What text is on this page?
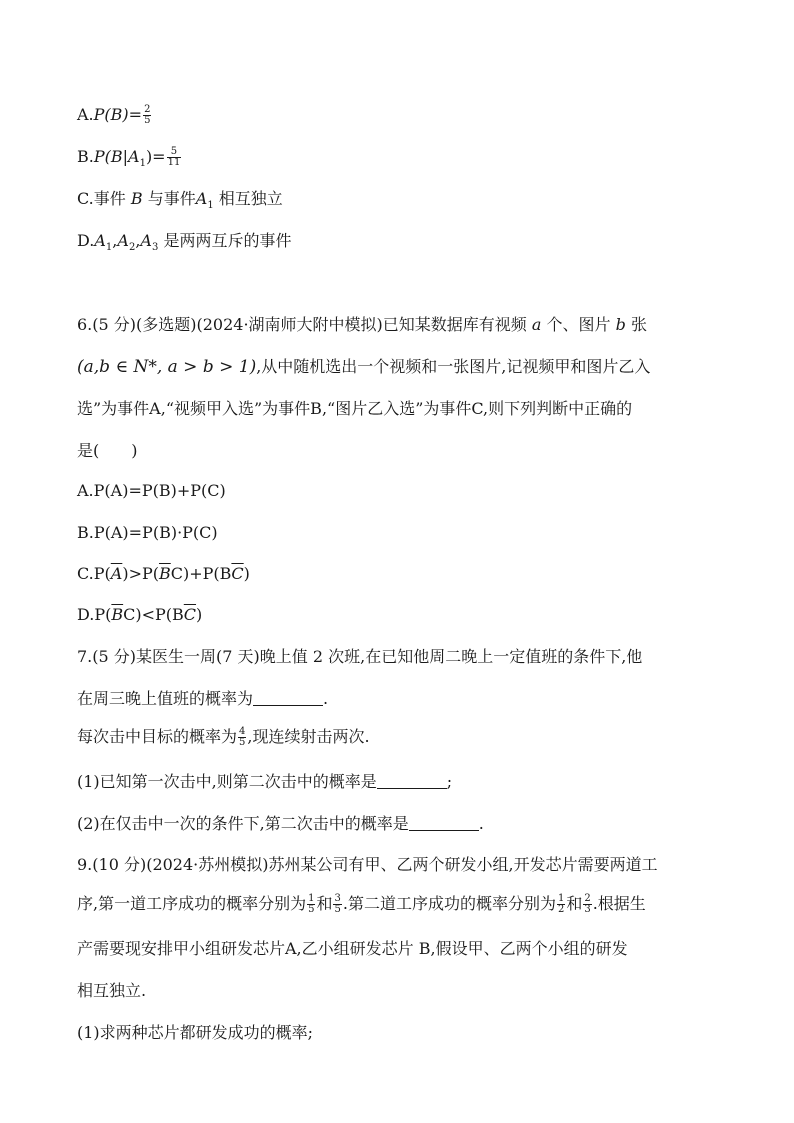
$A.P(B)= \frac{2}{5}$
$B.P(B|A_1)= \frac{5}{11}$
C.事件 B 与事件$A_1$ 相互独立
$D.A_1,A_2,A_3$ 是两两互斥的事件
6.(5 分)(多选题)(2024·湖南师大附中模拟)已知某数据库有视频 a 个、图片 b 张
(a,b ∈ N*, a > b > 1),从中随机选出一个视频和一张图片,记视频甲和图片乙入
选”为事件A,“视频甲入选”为事件B,“图片乙入选”为事件C,则下列判断中正确的
是(　　)
A.P(A)=P(B)+P(C)
B.P(A)=P(B)·P(C)
$C.P(\overline{A})>P(\overline{B}C)+P(B\overline{C})$
$D.P(\overline{B}C)<P(B\overline{C})$
7.(5 分)某医生一周(7 天)晚上值 2 次班,在已知他周二晚上一定值班的条件下,他
在周三晚上值班的概率为	.
每次击中目标的概率为 $\frac{4}{5}$ ,现连续射击两次.
(1)已知第一次击中,则第二次击中的概率是	;
(2)在仅击中一次的条件下,第二次击中的概率是	.
9.(10 分)(2024·苏州模拟)苏州某公司有甲、乙两个研发小组,开发芯片需要两道工
序,第一道工序成功的概率分别为 $\frac{1}{5}$ 和 $\frac{3}{5}$ .第二道工序成功的概率分别为 $\frac{1}{2}$ 和 $\frac{2}{3}$ .根据生
产需要现安排甲小组研发芯片A,乙小组研发芯片 B,假设甲、乙两个小组的研发
相互独立.
(1)求两种芯片都研发成功的概率;
